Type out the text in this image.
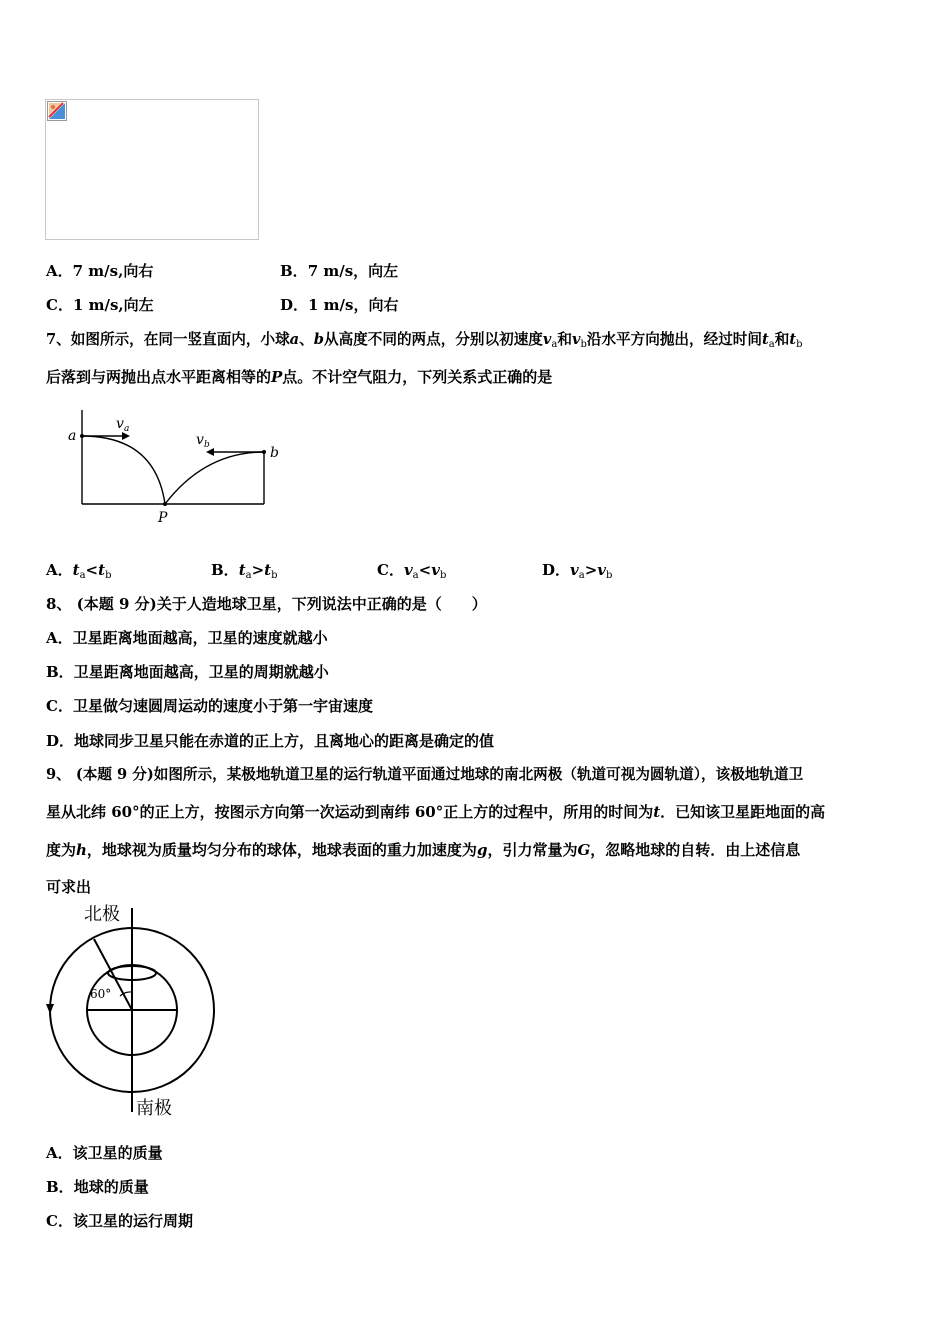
A．7 m/s,向右	B．7 m/s，向左
C．1 m/s,向左	D．1 m/s，向右
7、如图所示，在同一竖直面内，小球a、b从高度不同的两点，分别以初速度$v_a$和$v_b$沿水平方向抛出，经过时间$t_a$和$t_b$
后落到与两抛出点水平距离相等的P点。不计空气阻力，下列关系式正确的是
a
b
v a
v b
P
A．$t_a<t_b$	B．$t_a>t_b$	C．$v_a<v_b$	D．$v_a>v_b$
8、 (本题 9 分)关于人造地球卫星，下列说法中正确的是（　　）
A．卫星距离地面越高，卫星的速度就越小
B．卫星距离地面越高，卫星的周期就越小
C．卫星做匀速圆周运动的速度小于第一宇宙速度
D．地球同步卫星只能在赤道的正上方，且离地心的距离是确定的值
9、 (本题 9 分)如图所示，某极地轨道卫星的运行轨道平面通过地球的南北两极（轨道可视为圆轨道），该极地轨道卫
星从北纬 60°的正上方，按图示方向第一次运动到南纬 60°正上方的过程中，所用的时间为t．已知该卫星距地面的高
度为h，地球视为质量均匀分布的球体，地球表面的重力加速度为g，引力常量为G，忽略地球的自转．由上述信息
可求出
北极
南极
60°
A．该卫星的质量
B．地球的质量
C．该卫星的运行周期
